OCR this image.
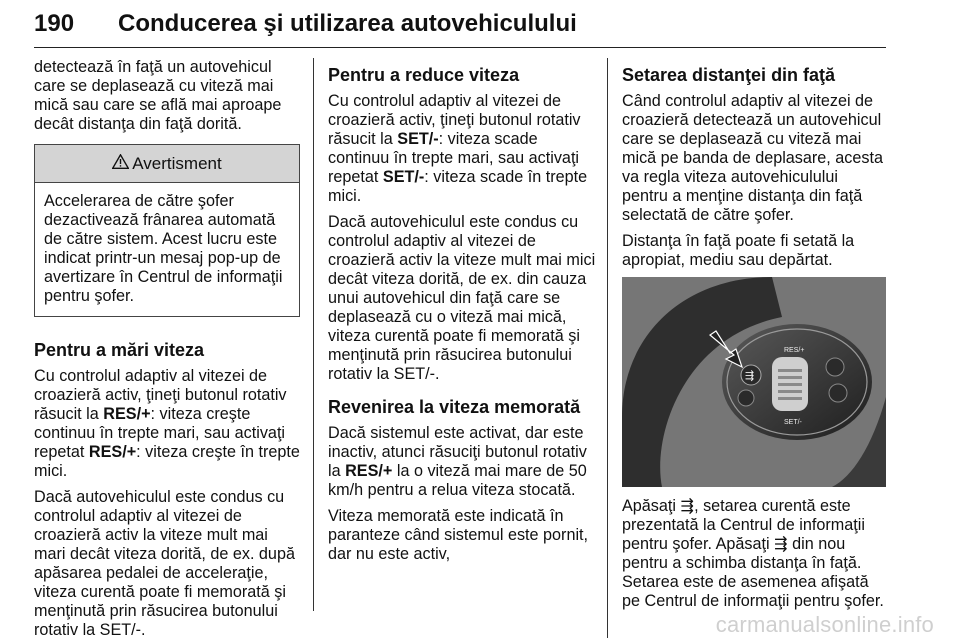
190 Conducerea şi utilizarea autovehiculului

detectează în faţă un autovehicul care se deplasează cu viteză mai mică sau care se află mai aproape decât distanţa din faţă dorită.

Avertisment
Accelerarea de către şofer dezactivează frânarea automată de către sistem. Acest lucru este indicat printr-un mesaj pop-up de avertizare în Centrul de informaţii pentru şofer.
Pentru a mări viteza

Cu controlul adaptiv al vitezei de croazieră activ, ţineţi butonul rotativ răsucit la RES/+: viteza creşte continuu în trepte mari, sau activaţi repetat RES/+: viteza creşte în trepte mici.

Dacă autovehiculul este condus cu controlul adaptiv al vitezei de croazieră activ la viteze mult mai mari decât viteza dorită, de ex. după apăsarea pedalei de acceleraţie, viteza curentă poate fi memorată şi menţinută prin răsucirea butonului rotativ la SET/-.

Pentru a reduce viteza

Cu controlul adaptiv al vitezei de croazieră activ, ţineţi butonul rotativ răsucit la SET/-: viteza scade continuu în trepte mari, sau activaţi repetat SET/-: viteza scade în trepte mici.

Dacă autovehiculul este condus cu controlul adaptiv al vitezei de croazieră activ la viteze mult mai mici decât viteza dorită, de ex. din cauza unui autovehicul din faţă care se deplasează cu o viteză mai mică, viteza curentă poate fi memorată şi menţinută prin răsucirea butonului rotativ la SET/-.

Revenirea la viteza memorată

Dacă sistemul este activat, dar este inactiv, atunci răsuciţi butonul rotativ la RES/+ la o viteză mai mare de 50 km/h pentru a relua viteza stocată.

Viteza memorată este indicată în paranteze când sistemul este pornit, dar nu este activ,

Setarea distanţei din faţă

Când controlul adaptiv al vitezei de croazieră detectează un autovehicul care se deplasează cu viteză mai mică pe banda de deplasare, acesta va regla viteza autovehiculului pentru a menţine distanţa din faţă selectată de către şofer.

Distanţa în faţă poate fi setată la apropiat, mediu sau depărtat.

RES/+
SET/-
⇶

Apăsaţi ⇶, setarea curentă este prezentată la Centrul de informaţii pentru şofer. Apăsaţi ⇶ din nou pentru a schimba distanţa în faţă. Setarea este de asemenea afişată pe Centrul de informaţii pentru şofer.

carmanualsonline.info
